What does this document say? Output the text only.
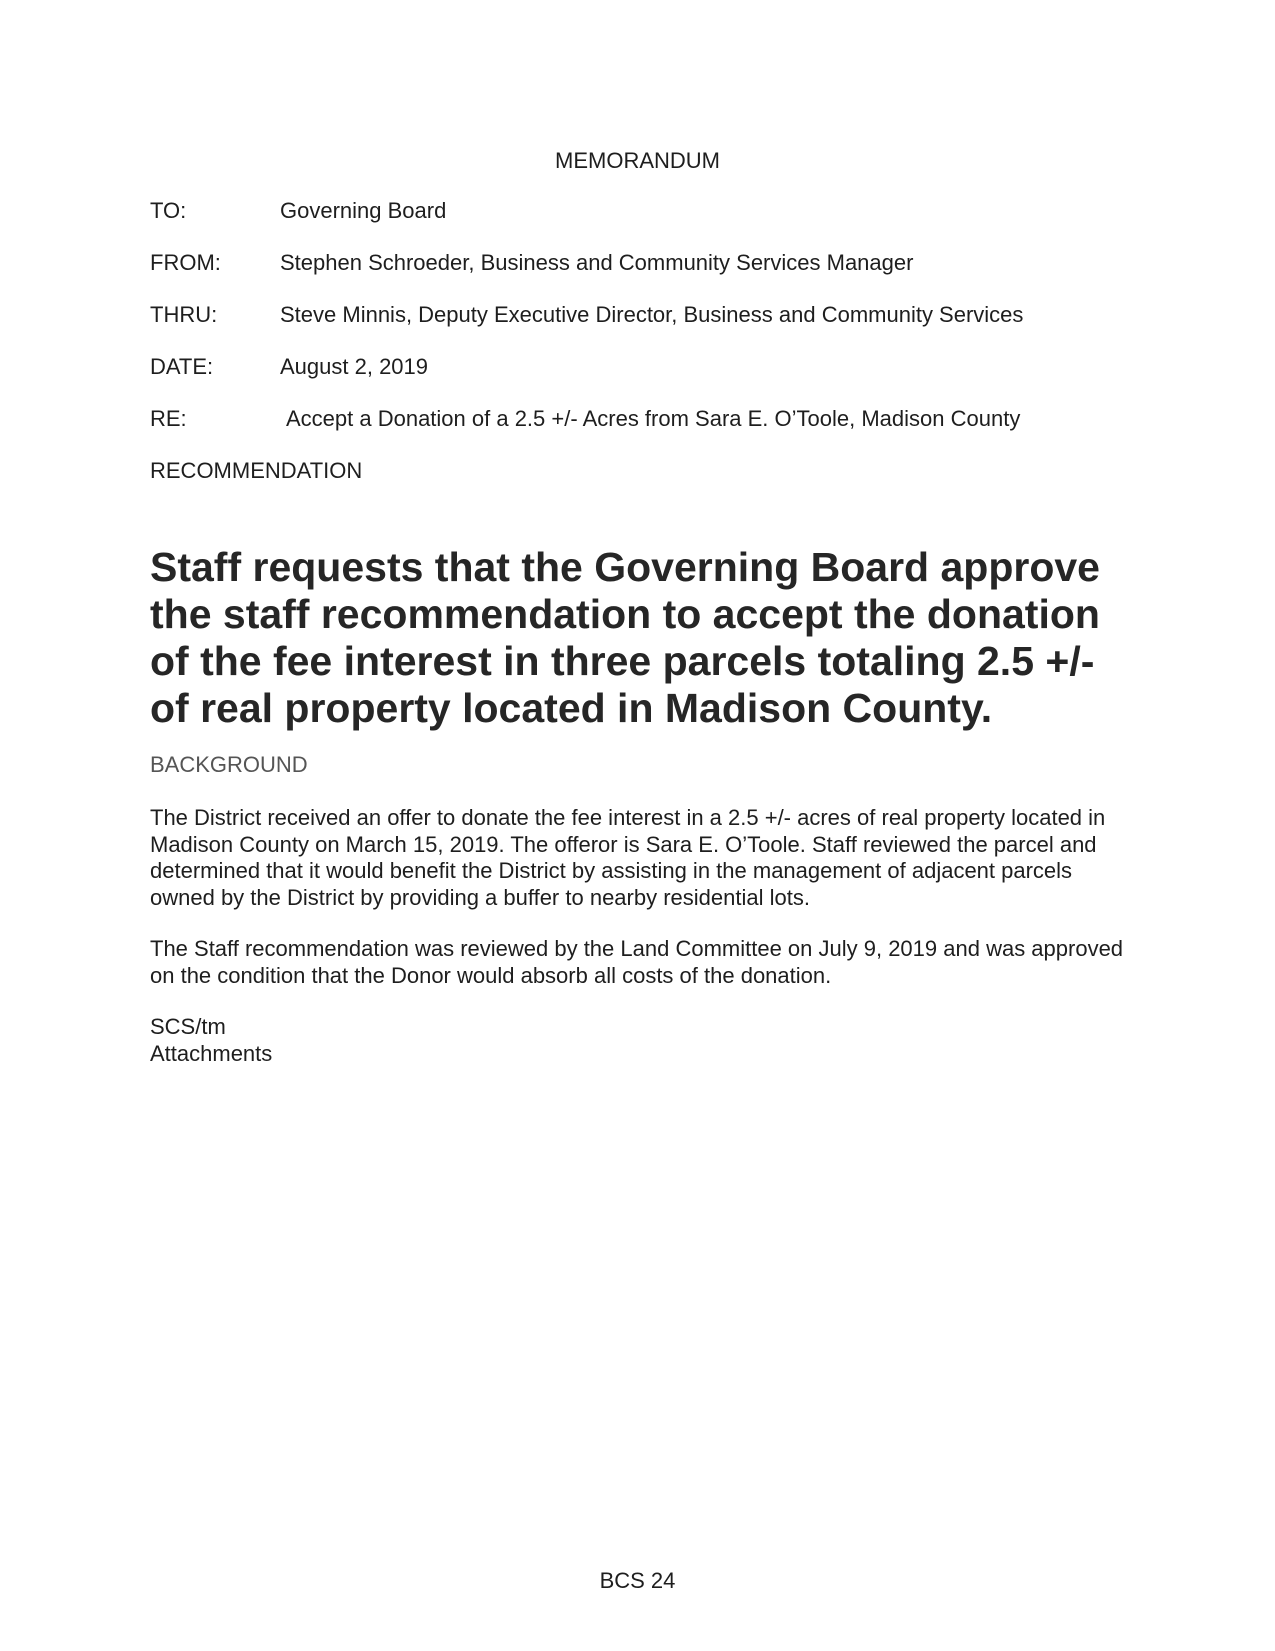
MEMORANDUM
TO:	Governing Board
FROM:	Stephen Schroeder, Business and Community Services Manager
THRU:	Steve Minnis, Deputy Executive Director, Business and Community Services
DATE:	August 2, 2019
RE:	Accept a Donation of a 2.5 +/- Acres from Sara E. O’Toole, Madison County
RECOMMENDATION
Staff requests that the Governing Board approve the staff recommendation to accept the donation of the fee interest in three parcels totaling 2.5 +/- of real property located in Madison County.
BACKGROUND
The District received an offer to donate the fee interest in a 2.5 +/- acres of real property located in Madison County on March 15, 2019. The offeror is Sara E. O’Toole. Staff reviewed the parcel and determined that it would benefit the District by assisting in the management of adjacent parcels owned by the District by providing a buffer to nearby residential lots.
The Staff recommendation was reviewed by the Land Committee on July 9, 2019 and was approved on the condition that the Donor would absorb all costs of the donation.
SCS/tm
Attachments
BCS 24
